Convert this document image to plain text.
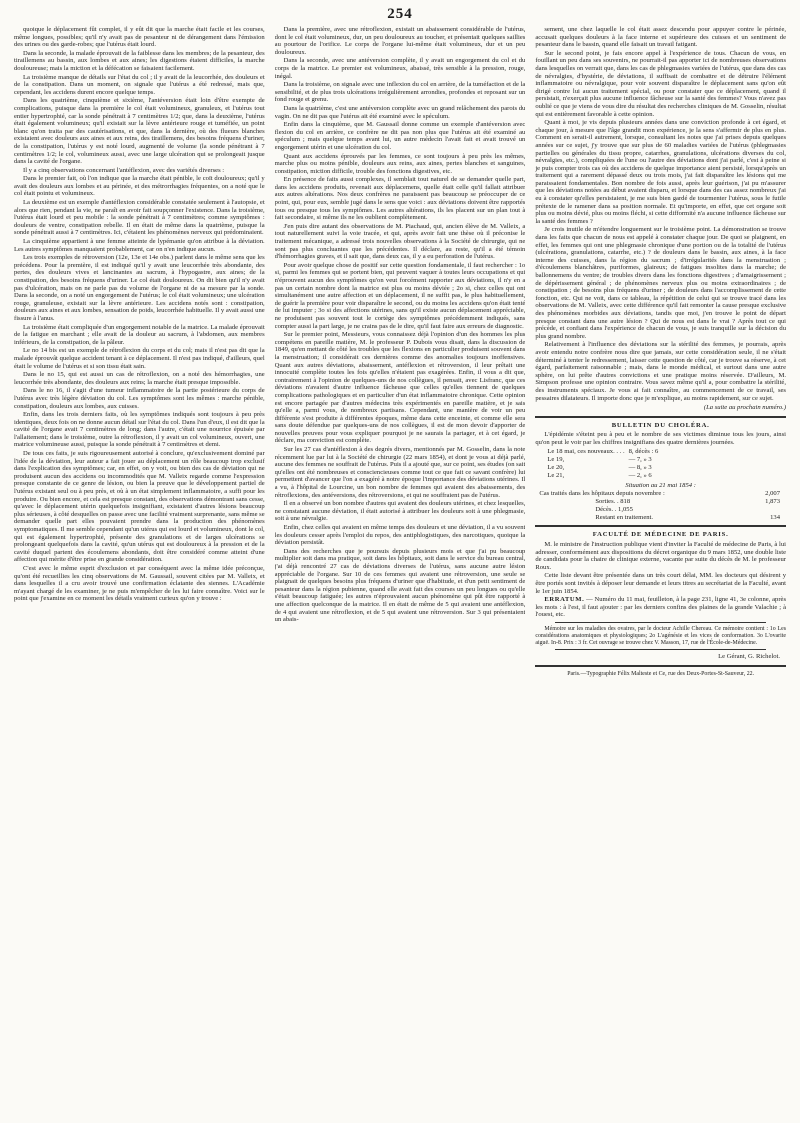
254

quoique le déplacement fût complet, il y eût dit que la marche était facile et les courses, même longues, possibles; qu'il n'y avait pas de pesanteur ni de dérangement dans l'émission des urines ou des garde-robes; que l'utérus était lourd.

Dans la seconde, la malade éprouvait de la faiblesse dans les membres; de la pesanteur, des tiraillemens au bassin, aux lombes et aux aines; les digestions étaient difficiles, la marche douloureuse; mais la miction et la défécation se faisaient facilement.

La troisième manque de détails sur l'état du col ; il y avait de la leucorrhée, des douleurs et de la constipation. Dans un moment, on signale que l'utérus a été redressé, mais que, cependant, les accidens durent encore quelque temps.

Dans les quatrième, cinquième et sixième, l'antéversion était loin d'être exempte de complications, puisque dans la première le col était volumineux, granuleux, et l'utérus tout entier hypertrophié, car la sonde pénétrait à 7 centimètres 1/2; que, dans la deuxième, l'utérus était également volumineux; qu'il existait sur la lèvre antérieure rouge et tuméfiée, un point blanc qu'on traita par des cautérisations, et que, dans la dernière, où des flueurs blanches existaient avec douleurs aux aines et aux reins, des tiraillemens, des besoins fréquens d'uriner, de la constipation, l'utérus y est noté lourd, augmenté de volume (la sonde pénétrant à 7 centimètres 1/2; le col, volumineux aussi, avec une large ulcération qui se prolongeait jusque dans la cavité de l'organe.

Il y a cinq observations concernant l'antéflexion, avec des variétés diverses :

Dans le premier fait, où l'on indique que la marche était pénible, le coït douloureux; qu'il y avait des douleurs aux lombes et au périnée, et des métrorrhagies fréquentes, on a noté que le col était pointu et volumineux.

La deuxième est un exemple d'antéflexion considérable constatée seulement à l'autopsie, et alors que rien, pendant la vie, ne paraît en avoir fait soupçonner l'existence. Dans la troisième, l'utérus était lourd et peu mobile : la sonde pénétrait à 7 centimètres; comme symptômes : douleurs de ventre, constipation rebelle. Il en était de même dans la quatrième, puisque la sonde pénétrait aussi à 7 centimètres. Ici, c'étaient les phénomènes nerveux qui prédominaient.

La cinquième appartient à une femme atteinte de lypémanie qu'on attribue à la déviation. Les autres symptômes manquaient probablement, car on n'en indique aucun.

Les trois exemples de rétroversion (12e, 13e et 14e obs.) parlent dans le même sens que les précédens. Pour la première, il est indiqué qu'il y avait une leucorrhée très abondante, des pertes, des douleurs vives et lancinantes au sacrum, à l'hypogastre, aux aines; de la constipation, des besoins fréquens d'uriner. Le col était douloureux. On dit bien qu'il n'y avait pas d'ulcération, mais on ne parle pas du volume de l'organe ni de sa mesure par la sonde. Dans la seconde, on a noté un engorgement de l'utérus; le col était volumineux; une ulcération rouge, granuleuse, existait sur la lèvre antérieure. Les accidens notés sont : constipation, douleurs aux aines et aux lombes, sensation de poids, leucorrhée habituelle. Il y avait aussi une fissure à l'anus.

La troisième était compliquée d'un engorgement notable de la matrice. La malade éprouvait de la fatigue en marchant ; elle avait de la douleur au sacrum, à l'abdomen, aux membres inférieurs, de la constipation, de la pâleur.

Le no 14 bis est un exemple de rétroflexion du corps et du col; mais il n'est pas dit que la malade éprouvât quelque accident tenant à ce déplacement. Il n'est pas indiqué, d'ailleurs, quel était le volume de l'utérus et si son tissu était sain.

Dans le no 15, qui est aussi un cas de rétroflexion, on a noté des hémorrhagies, une leucorrhée très abondante, des douleurs aux reins; la marche était presque impossible.

Dans le no 16, il s'agit d'une tumeur inflammatoire de la partie postérieure du corps de l'utérus avec très légère déviation du col. Les symptômes sont les mêmes : marche pénible, constipation, douleurs aux lombes, aux cuisses.

Enfin, dans les trois derniers faits, où les symptômes indiqués sont toujours à peu près identiques, deux fois on ne donne aucun détail sur l'état du col. Dans l'un d'eux, il est dit que la cavité de l'organe avait 7 centimètres de long; dans l'autre, c'était une nourrice épuisée par l'allaitement; dans le troisième, outre la rétroflexion, il y avait un col volumineux, ouvert, une matrice volumineuse aussi, puisque la sonde pénétrait à 7 centimètres et demi.

De tous ces faits, je suis rigoureusement autorisé à conclure, qu'exclusivement dominé par l'idée de la déviation, leur auteur a fait jouer au déplacement un rôle beaucoup trop exclusif dans l'explication des symptômes; car, en effet, on y voit, ou bien des cas de déviation qui ne produisent aucun des accidens ou incommodités que M. Valleix regarde comme l'expression presque constante de ce genre de lésion, ou bien la preuve que le développement partiel de l'utérus existant seul ou à peu près, et où à un état simplement inflammatoire, a suffi pour les produire. Ou bien encore, et cela est presque constant, des observations démontrant sans cesse, qu'avec le déplacement utérin quelquefois insignifiant, existaient d'autres lésions beaucoup plus sérieuses, à côté desquelles on passe avec une facilité vraiment surprenante, sans même se demander quelle part elles pouvaient prendre dans la production des phénomènes symptomatiques. Il me semble cependant qu'un utérus qui est lourd et volumineux, dont le col, qui est également hypertrophié, présente des granulations et de larges ulcérations se prolongeant quelquefois dans la cavité, qu'un utérus qui est douloureux à la pression et de la cavité duquel partent des écoulemens abondants, doit être considéré comme atteint d'une affection qui mérite d'être prise en grande considération.

C'est avec le même esprit d'exclusion et par conséquent avec la même idée préconçue, qu'ont été recueillies les cinq observations de M. Gaussail, souvent citées par M. Valleix, et dans lesquelles il a cru avoir trouvé une confirmation éclatante des siennes. L'Académie m'ayant chargé de les examiner, je ne puis m'empêcher de les lui faire connaître. Voici sur le point que j'examine en ce moment les détails vraiment curieux qu'on y trouve :

Dans la première, avec une rétroflexion, existait un abaissement considérable de l'utérus, dont le col était volumineux, dur, un peu douloureux au toucher, et présentait quelques saillies au pourtour de l'orifice. Le corps de l'organe lui-même était volumineux, dur et un peu douloureux.

Dans la seconde, avec une antéversion complète, il y avait un engorgement du col et du corps de la matrice. Le premier est volumineux, abaissé, très sensible à la pression, rouge, inégal.

Dans la troisième, on signale avec une inflexion du col en arrière, de la tuméfaction et de la sensibilité, et de plus trois ulcérations irrégulièrement arrondies, profondes et reposant sur un fond rouge et grenu.

Dans la quatrième, c'est une antéversion complète avec un grand relâchement des parois du vagin. On ne dit pas que l'utérus ait été examiné avec le spéculum.

Enfin dans la cinquième, que M. Gaussail donne comme un exemple d'antéversion avec flexion du col en arrière, ce confrère ne dit pas non plus que l'utérus ait été examiné au spéculum ; mais quelque temps avant lui, un autre médecin l'avait fait et avait trouvé un engorgement utérin et une ulcération du col.

Quant aux accidens éprouvés par les femmes, ce sont toujours à peu près les mêmes, marche plus ou moins pénible, douleurs aux reins, aux aines, pertes blanches et sanguines, constipation, miction difficile, trouble des fonctions digestives, etc.

En présence de faits aussi complexes, il semblait tout naturel de se demander quelle part, dans les accidens produits, revenait aux déplacemens, quelle était celle qu'il fallait attribuer aux autres altérations. Nos deux confrères ne paraissent pas beaucoup se préoccuper de ce point, qui, pour eux, semble jugé dans le sens que voici : aux déviations doivent être rapportés tous ou presque tous les symptômes. Les autres altérations, ils les placent sur un plan tout à fait secondaire, si même ils ne les oublient complètement.

J'en puis dire autant des observations de M. Piachaud, qui, ancien élève de M. Valleix, a tout naturellement suivi la voie tracée, et qui, après avoir fait une thèse où il préconise le traitement mécanique, a adressé trois nouvelles observations à la Société de chirurgie, qui ne sont pas plus concluantes que les précédentes. Il déclare, au reste, qu'il a été témoin d'hémorrhagies graves, et il sait que, dans deux cas, il y a eu perforation de l'utérus.

Pour avoir quelque chose de positif sur cette question fondamentale, il faut rechercher : 1o si, parmi les femmes qui se portent bien, qui peuvent vaquer à toutes leurs occupations et qui n'éprouvent aucun des symptômes qu'on veut forcément rapporter aux déviations, il n'y en a pas un certain nombre dont la matrice est plus ou moins déviée ; 2o si, chez celles qui ont simultanément une autre affection et un déplacement, il ne suffit pas, le plus habituellement, de guérir la première pour voir disparaître le second, ou du moins les accidens qu'on était tenté de lui imputer ; 3o si des affections utérines, sans qu'il existe aucun déplacement appréciable, ne produisent pas souvent tout le cortège des symptômes précédemment indiqués, sans compter aussi la part large, je ne crains pas de le dire, qu'il faut faire aux erreurs de diagnostic.

Sur le premier point, Messieurs, vous connaissez déjà l'opinion d'un des hommes les plus compétens en pareille matière, M. le professeur P. Dubois vous disait, dans la discussion de 1849, qu'en mettant de côté les troubles que les flexions en particulier produisent souvent dans la menstruation; il considérait ces dernières comme des anomalies toujours inoffensives. Quant aux autres déviations, abaissement, antéflexion et rétroversion, il leur prêtait une innocuité complète toutes les fois qu'elles n'étaient pas exagérées. Enfin, il vous a dit que, contrairement à l'opinion de quelques-uns de nos collègues, il pensait, avec Lisfranc, que ces déviations n'avaient d'autre influence fâcheuse que celles qu'elles tiennent de quelques complications pathologiques et en particulier d'un état inflammatoire chronique. Cette opinion est encore partagée par d'autres médecins très expérimentés en pareille matière, et je sais qu'elle a, parmi vous, de nombreux partisans. Cependant, une manière de voir un peu différente s'est produite à différentes époques, même dans cette enceinte, et comme elle sera sans doute défendue par quelques-uns de nos collègues, il est de mon devoir d'apporter de nouvelles preuves pour vous expliquer pourquoi je ne saurais la partager, et à cet égard, je déclare, ma conviction est complète.

Sur les 27 cas d'antéflexion à des degrés divers, mentionnés par M. Gosselin, dans la note récemment lue par lui à la Société de chirurgie (22 mars 1854), et dont je vous ai déjà parlé, aucune des femmes ne souffrait de l'utérus. Puis il a ajouté que, sur ce point, ses études (on sait qu'elles ont été nombreuses et consciencieuses comme tout ce que fait ce savant confrère) lui permettent d'avancer que l'on a exagéré à notre époque l'importance des déviations utérines. Il a vu, à l'hôpital de Lourcine, un bon nombre de femmes qui avaient des abaissements, des rétroflexions, des antéversions, des rétroversions, et qui ne souffraient pas de l'utérus.

Il en a observé un bon nombre d'autres qui avaient des douleurs utérines, et chez lesquelles, ne constatant aucune déviation, il était autorisé à attribuer les douleurs soit à une phlegmasie, soit à une névralgie.

Enfin, chez celles qui avaient en même temps des douleurs et une déviation, il a vu souvent les douleurs cesser après l'emploi du repos, des antiphlogistiques, des narcotiques, quoique la déviation persistât.

Dans des recherches que je poursuis depuis plusieurs mois et que j'ai pu beaucoup multiplier soit dans ma pratique, soit dans les hôpitaux, soit dans le service du bureau central, j'ai déjà rencontré 27 cas de déviations diverses de l'utérus, sans aucune autre lésion appréciable de l'organe. Sur 10 de ces femmes qui avaient une rétroversion, une seule se plaignait de quelques besoins plus fréquens d'uriner que d'habitude, et d'un petit sentiment de pesanteur dans la région pubienne, quand elle avait fait des courses un peu longues ou qu'elle s'était beaucoup fatiguée; les autres n'éprouvaient aucun phénomène qui pût être rapporté à une affection quelconque de la matrice. Il en était de même de 5 qui avaient une antéflexion, de 4 qui avaient une rétroflexion, et de 5 qui avaient une rétroversion. Sur 3 qui présentaient un abais-

sement, une chez laquelle le col était assez descendu pour appuyer contre le périnée, accusait quelques douleurs à la face interne et supérieure des cuisses et un sentiment de pesanteur dans le bassin, quand elle faisait un travail fatigant.

Sur le second point, je fais encore appel à l'expérience de tous. Chacun de vous, en fouillant un peu dans ses souvenirs, ne pourrait-il pas apporter ici de nombreuses observations dans lesquelles on verrait que, dans les cas de phlegmasies variées de l'utérus, que dans des cas de névralgies, d'hystérie, de déviations, il suffisait de combattre et de détruire l'élément inflammatoire ou névralgique, pour voir souvent disparaître le déplacement sans qu'on eût dirigé contre lui aucun traitement spécial, ou pour constater que ce déplacement, quand il persistait, n'exerçait plus aucune influence fâcheuse sur la santé des femmes? Vous n'avez pas oublié ce que je viens de vous dire du résultat des recherches cliniques de M. Gosselin, résultat qui est entièrement favorable à cette opinion.

Quant à moi, je vis depuis plusieurs années dans une conviction profonde à cet égard, et chaque jour, à mesure que l'âge grandit mon expérience, je la sens s'affermir de plus en plus. Comment en serait-il autrement, lorsque, consultant les notes que j'ai prises depuis quelques années sur ce sujet, j'y trouve que sur plus de 60 maladies variées de l'utérus (phlegmasies partielles ou générales du tissu propre, catarrhes, granulations, ulcérations diverses du col, névralgies, etc.), compliquées de l'une ou l'autre des déviations dont j'ai parlé, c'est à peine si je puis compter trois cas où des accidens de quelque importance aient persisté, lorsqu'après un traitement qui a rarement dépassé deux ou trois mois, j'ai fait disparaître les lésions qui me paraissaient fondamentales. Bon nombre de fois aussi, après leur guérison, j'ai pu m'assurer que les déviations notées au début avaient disparu, et lorsque dans des cas assez nombreux j'ai eu à constater qu'elles persistaient, je me suis bien gardé de tourmenter l'utérus, sous le futile prétexte de le ramener dans sa position normale. Et qu'importe, en effet, que cet organe soit plus ou moins dévié, plus ou moins fléchi, si cette difformité n'a aucune influence fâcheuse sur la santé des femmes ?

Je crois inutile de m'étendre longuement sur le troisième point. La démonstration se trouve dans les faits que chacun de nous est appelé à constater chaque jour. De quoi se plaignent, en effet, les femmes qui ont une phlegmasie chronique d'une portion ou de la totalité de l'utérus (ulcérations, granulations, catarrhe, etc.) ? de douleurs dans le bassin, aux aines, à la face interne des cuisses, dans la région du sacrum ; d'irrégularités dans la menstruation ; d'écoulemens blanchâtres, puriformes, glaireux; de fatigues insolites dans la marche; de ballonnemens du ventre; de troubles divers dans les fonctions digestives ; d'amaigrissement ; de dépérissement général ; de phénomènes nerveux plus ou moins extraordinaires ; de constipation ; de besoins plus fréquens d'uriner ; de douleurs dans l'accomplissement de cette fonction, etc. Qui ne voit, dans ce tableau, la répétition de celui qui se trouve tracé dans les observations de M. Valleix, avec cette différence qu'il fait remonter la cause presque exclusive des phénomènes morbides aux déviations, tandis que moi, j'en trouve le point de départ presque constant dans une autre lésion ? Qui de nous est dans le vrai ? Après tout ce qui précède, et confiant dans l'expérience de chacun de vous, je suis tranquille sur la décision du plus grand nombre.

Relativement à l'influence des déviations sur la stérilité des femmes, je pourrais, après avoir entendu notre confrère nous dire que jamais, sur cette considération seule, il ne s'était déterminé à tenter le redressement, laisser cette question de côté, car je trouve sa réserve, à cet égard, parfaitement raisonnable ; mais, dans le monde médical, et surtout dans une autre sphère, on lui prête d'autres convictions et une pratique moins réservée. D'ailleurs, M. Simpson professe une opinion contraire. Vous savez même qu'il a, pour combattre la stérilité, des instruments spéciaux. Je vous ai fait connaître, au commencement de ce travail, ses pessaires dilatateurs. Il importe donc que je m'explique, au moins rapidement, sur ce sujet.

(La suite au prochain numéro.)
BULLETIN DU CHOLÉRA.

L'épidémie s'éteint peu à peu et le nombre de ses victimes diminue tous les jours, ainsi qu'on peut le voir par les chiffres insignifians des quatre dernières journées.

Le 18 mai, ces nouveaux. . . .	8, décès : 6
Le 19,	— 7, » 3
Le 20,	— 8, » 3
Le 21,	— 2, » 6
Situation au 21 mai 1854 :
Cas traités dans les hôpitaux depuis novembre :	2,007
Sorties. . 818	1,873
Décès. . 1,055
Restant en traitement.	134
FACULTÉ DE MÉDECINE DE PARIS.

M. le ministre de l'instruction publique vient d'inviter la Faculté de médecine de Paris, à lui adresser, conformément aux dispositions du décret organique du 9 mars 1852, une double liste de candidats pour la chaire de clinique externe, vacante par suite du décès de M. le professeur Roux.

Cette liste devant être présentée dans un très court délai, MM. les docteurs qui désirent y être portés sont invités à déposer leur demande et leurs titres au secrétariat de la Faculté, avant le 1er juin 1854.

ERRATUM. — Numéro du 11 mai, feuilleton, à la page 231, ligne 41, 3e colonne, après les mots : à l'est, il faut ajouter : par les derniers confins des plaines de la grande Valachie ; à l'ouest, etc.

Mémoire sur les maladies des ovaires, par le docteur Achille Chereau. Ce mémoire contient : 1o Les considérations anatomiques et physiologiques; 2o L'agénésie et les vices de conformation. 3o L'ovarite aiguë. In-8. Prix : 3 fr. Cet ouvrage se trouve chez V. Masson, 17, rue de l'École-de-Médecine.

Le Gérant, G. Richelot.
Paris.—Typographie Félix Malteste et Ce, rue des Deux-Portes-St-Sauveur, 22.
